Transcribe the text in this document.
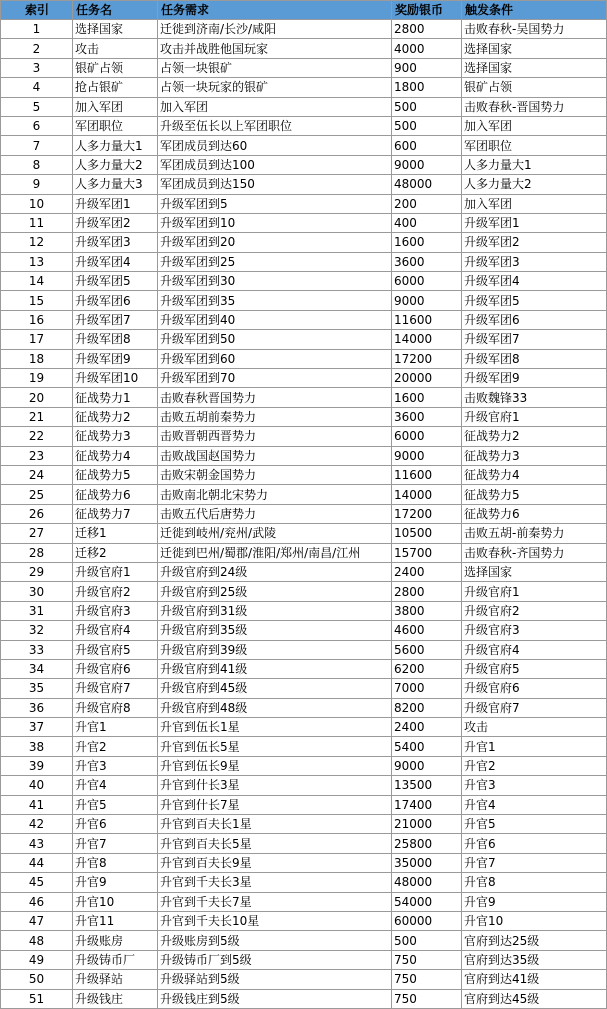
索引	任务名	任务需求	奖励银币	触发条件
1	选择国家	迁徙到济南/长沙/咸阳	2800	击败春秋-吴国势力
2	攻击	攻击并战胜他国玩家	4000	选择国家
3	银矿占领	占领一块银矿	900	选择国家
4	抢占银矿	占领一块玩家的银矿	1800	银矿占领
5	加入军团	加入军团	500	击败春秋-晋国势力
6	军团职位	升级至伍长以上军团职位	500	加入军团
7	人多力量大1	军团成员到达60	600	军团职位
8	人多力量大2	军团成员到达100	9000	人多力量大1
9	人多力量大3	军团成员到达150	48000	人多力量大2
10	升级军团1	升级军团到5	200	加入军团
11	升级军团2	升级军团到10	400	升级军团1
12	升级军团3	升级军团到20	1600	升级军团2
13	升级军团4	升级军团到25	3600	升级军团3
14	升级军团5	升级军团到30	6000	升级军团4
15	升级军团6	升级军团到35	9000	升级军团5
16	升级军团7	升级军团到40	11600	升级军团6
17	升级军团8	升级军团到50	14000	升级军团7
18	升级军团9	升级军团到60	17200	升级军团8
19	升级军团10	升级军团到70	20000	升级军团9
20	征战势力1	击败春秋晋国势力	1600	击败魏锋33
21	征战势力2	击败五胡前秦势力	3600	升级官府1
22	征战势力3	击败晋朝西晋势力	6000	征战势力2
23	征战势力4	击败战国赵国势力	9000	征战势力3
24	征战势力5	击败宋朝金国势力	11600	征战势力4
25	征战势力6	击败南北朝北宋势力	14000	征战势力5
26	征战势力7	击败五代后唐势力	17200	征战势力6
27	迁移1	迁徙到岐州/兖州/武陵	10500	击败五胡-前秦势力
28	迁移2	迁徙到巴州/蜀郡/淮阳/郑州/南昌/江州	15700	击败春秋-齐国势力
29	升级官府1	升级官府到24级	2400	选择国家
30	升级官府2	升级官府到25级	2800	升级官府1
31	升级官府3	升级官府到31级	3800	升级官府2
32	升级官府4	升级官府到35级	4600	升级官府3
33	升级官府5	升级官府到39级	5600	升级官府4
34	升级官府6	升级官府到41级	6200	升级官府5
35	升级官府7	升级官府到45级	7000	升级官府6
36	升级官府8	升级官府到48级	8200	升级官府7
37	升官1	升官到伍长1星	2400	攻击
38	升官2	升官到伍长5星	5400	升官1
39	升官3	升官到伍长9星	9000	升官2
40	升官4	升官到什长3星	13500	升官3
41	升官5	升官到什长7星	17400	升官4
42	升官6	升官到百夫长1星	21000	升官5
43	升官7	升官到百夫长5星	25800	升官6
44	升官8	升官到百夫长9星	35000	升官7
45	升官9	升官到千夫长3星	48000	升官8
46	升官10	升官到千夫长7星	54000	升官9
47	升官11	升官到千夫长10星	60000	升官10
48	升级账房	升级账房到5级	500	官府到达25级
49	升级铸币厂	升级铸币厂到5级	750	官府到达35级
50	升级驿站	升级驿站到5级	750	官府到达41级
51	升级钱庄	升级钱庄到5级	750	官府到达45级
